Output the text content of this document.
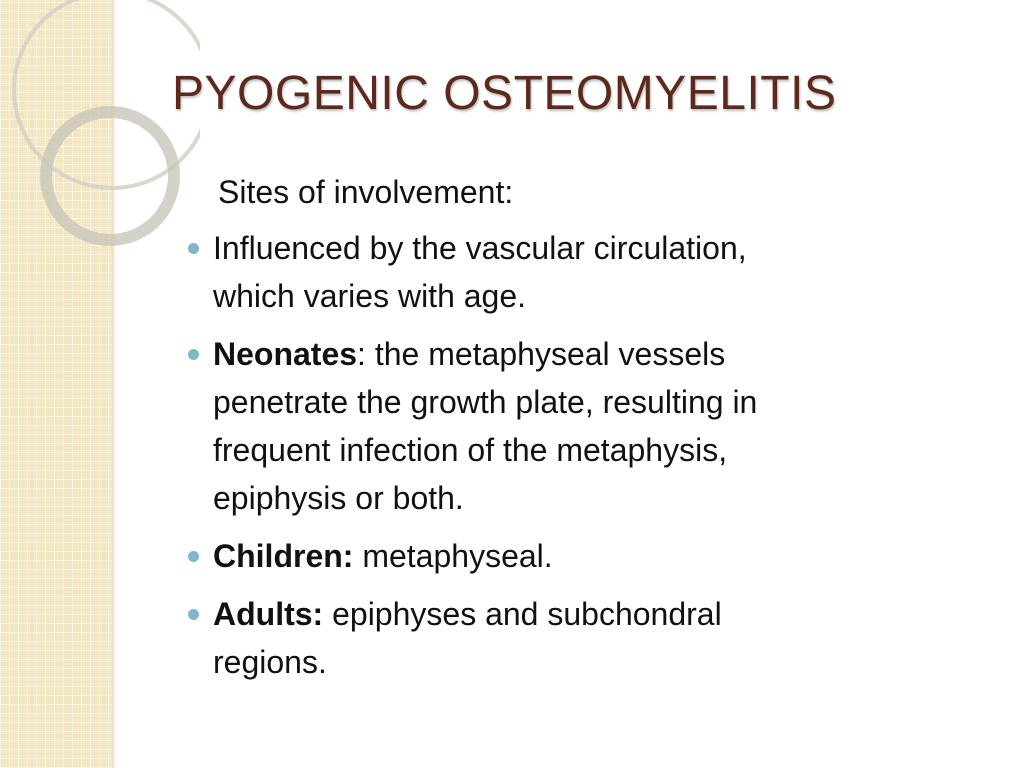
PYOGENIC OSTEOMYELITIS

Sites of involvement:

Influenced by the vascular circulation,
which varies with age.
Neonates: the metaphyseal vessels
penetrate the growth plate, resulting in
frequent infection of the metaphysis,
epiphysis or both.
Children: metaphyseal.
Adults: epiphyses and subchondral
regions.
